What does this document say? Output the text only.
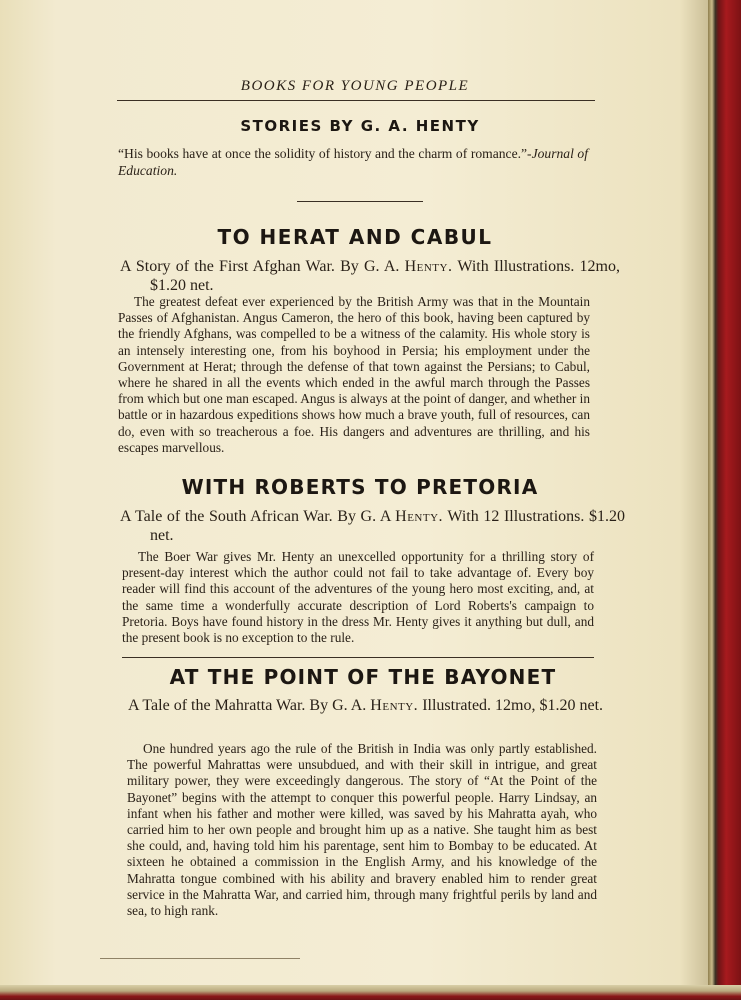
BOOKS FOR YOUNG PEOPLE
STORIES BY G. A. HENTY
“His books have at once the solidity of history and the charm of romance.”-Journal of Education.
TO HERAT AND CABUL
A Story of the First Afghan War. By G. A. Henty. With Illustrations. 12mo, $1.20 net.
The greatest defeat ever experienced by the British Army was that in the Mountain Passes of Afghanistan. Angus Cameron, the hero of this book, having been captured by the friendly Afghans, was compelled to be a witness of the calamity. His whole story is an intensely interesting one, from his boyhood in Persia; his employment under the Government at Herat; through the defense of that town against the Persians; to Cabul, where he shared in all the events which ended in the awful march through the Passes from which but one man escaped. Angus is always at the point of danger, and whether in battle or in hazardous expeditions shows how much a brave youth, full of resources, can do, even with so treacherous a foe. His dangers and adventures are thrilling, and his escapes marvellous.
WITH ROBERTS TO PRETORIA
A Tale of the South African War. By G. A Henty. With 12 Illustrations. $1.20 net.
The Boer War gives Mr. Henty an unexcelled opportunity for a thrilling story of present-day interest which the author could not fail to take advantage of. Every boy reader will find this account of the adventures of the young hero most exciting, and, at the same time a wonderfully accurate description of Lord Roberts's campaign to Pretoria. Boys have found history in the dress Mr. Henty gives it anything but dull, and the present book is no exception to the rule.
AT THE POINT OF THE BAYONET
A Tale of the Mahratta War. By G. A. Henty. Illustrated. 12mo, $1.20 net.
One hundred years ago the rule of the British in India was only partly established. The powerful Mahrattas were unsubdued, and with their skill in intrigue, and great military power, they were exceedingly dangerous. The story of “At the Point of the Bayonet” begins with the attempt to conquer this powerful people. Harry Lindsay, an infant when his father and mother were killed, was saved by his Mahratta ayah, who carried him to her own people and brought him up as a native. She taught him as best she could, and, having told him his parentage, sent him to Bombay to be educated. At sixteen he obtained a commission in the English Army, and his knowledge of the Mahratta tongue combined with his ability and bravery enabled him to render great service in the Mahratta War, and carried him, through many frightful perils by land and sea, to high rank.
